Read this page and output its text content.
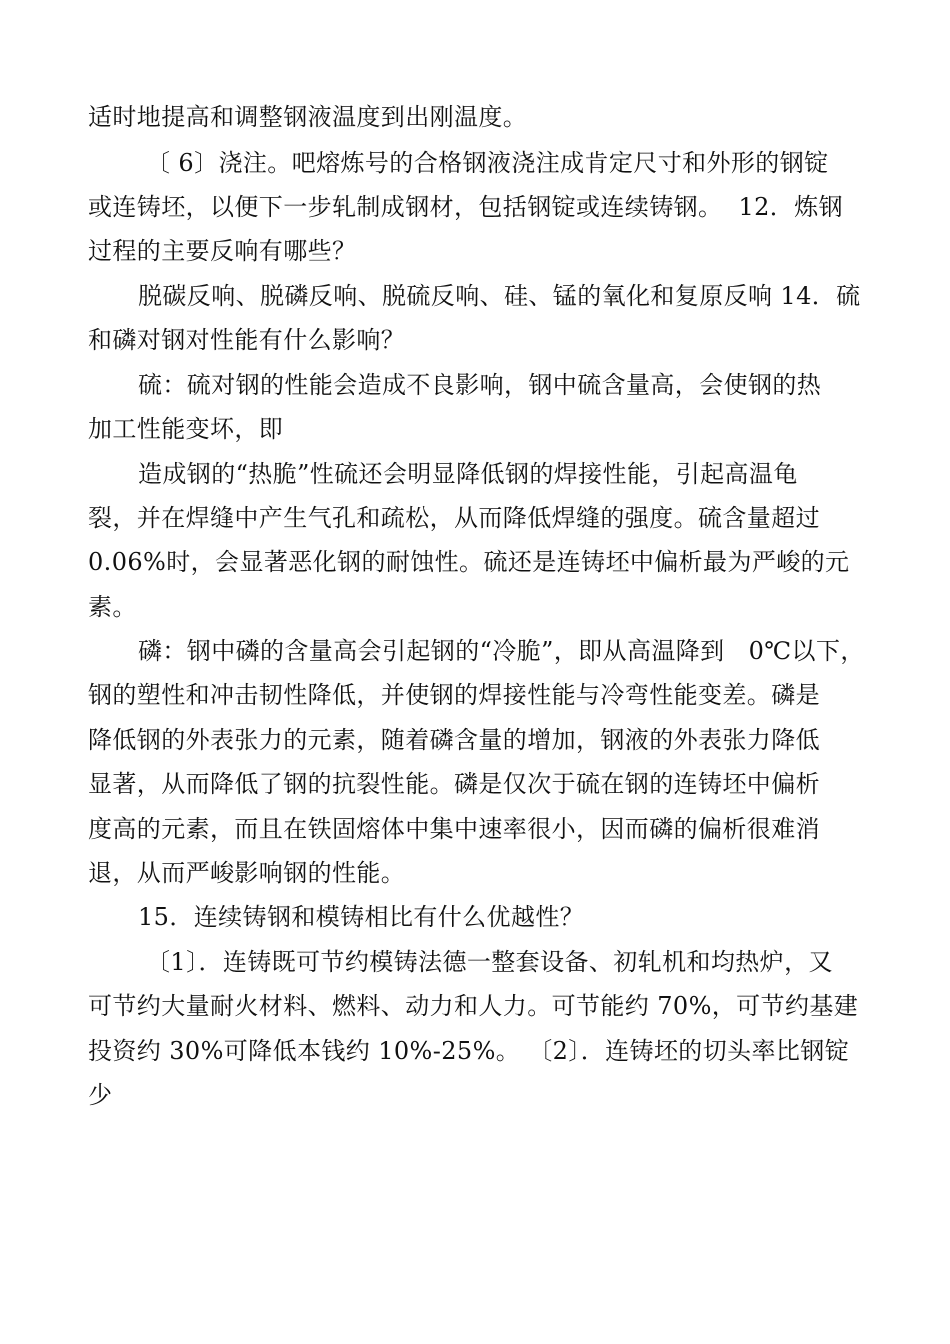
适时地提高和调整钢液温度到出刚温度。
〔 6〕浇注。吧熔炼号的合格钢液浇注成肯定尺寸和外形的钢锭
或连铸坯，以便下一步轧制成钢材，包括钢锭或连续铸钢。  12．炼钢
过程的主要反响有哪些？
脱碳反响、脱磷反响、脱硫反响、硅、锰的氧化和复原反响 14．硫
和磷对钢对性能有什么影响？
硫：硫对钢的性能会造成不良影响，钢中硫含量高，会使钢的热
加工性能变坏，即
造成钢的“热脆”性硫还会明显降低钢的焊接性能，引起高温龟
裂，并在焊缝中产生气孔和疏松，从而降低焊缝的强度。硫含量超过
0.06%时，会显著恶化钢的耐蚀性。硫还是连铸坯中偏析最为严峻的元
素。
磷：钢中磷的含量高会引起钢的“冷脆”，即从高温降到   0℃以下，
钢的塑性和冲击韧性降低，并使钢的焊接性能与冷弯性能变差。磷是
降低钢的外表张力的元素，随着磷含量的增加，钢液的外表张力降低
显著，从而降低了钢的抗裂性能。磷是仅次于硫在钢的连铸坯中偏析
度高的元素，而且在铁固熔体中集中速率很小，因而磷的偏析很难消
退，从而严峻影响钢的性能。
15．连续铸钢和模铸相比有什么优越性？
〔1〕．连铸既可节约模铸法德一整套设备、初轧机和均热炉，又
可节约大量耐火材料、燃料、动力和人力。可节能约 70%，可节约基建
投资约 30%可降低本钱约 10%-25%。 〔2〕．连铸坯的切头率比钢锭
少
